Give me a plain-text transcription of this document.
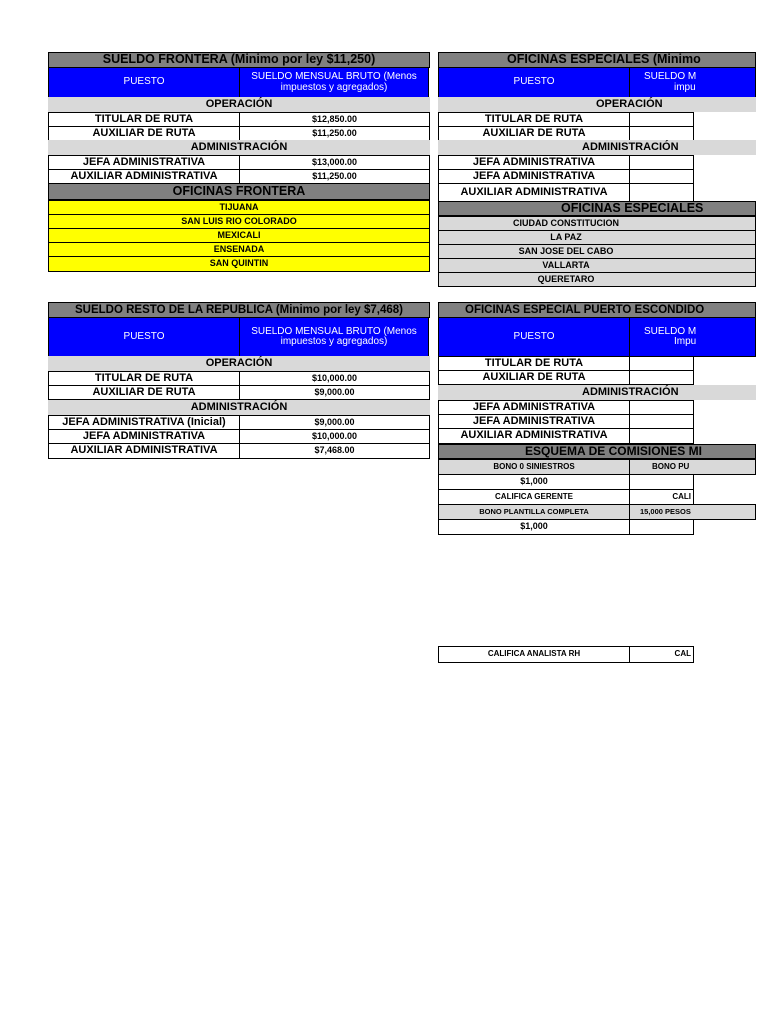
SUELDO FRONTERA (Minimo por ley $11,250)
PUESTO	SUELDO MENSUAL BRUTO (Menos impuestos y agregados)
OPERACIÓN
TITULAR DE RUTA	$12,850.00
AUXILIAR DE RUTA	$11,250.00
ADMINISTRACIÓN
JEFA ADMINISTRATIVA	$13,000.00
AUXILIAR ADMINISTRATIVA	$11,250.00
OFICINAS FRONTERA
TIJUANA
SAN LUIS RIO COLORADO
MEXICALI
ENSENADA
SAN QUINTIN
OFICINAS ESPECIALES (Minimo
PUESTO	SUELDO M
impu
OPERACIÓN
TITULAR DE RUTA
AUXILIAR DE RUTA
ADMINISTRACIÓN
JEFA ADMINISTRATIVA
JEFA ADMINISTRATIVA
AUXILIAR ADMINISTRATIVA
OFICINAS ESPECIALES
CIUDAD CONSTITUCION
LA PAZ
SAN JOSE DEL CABO
VALLARTA
QUERETARO
SUELDO RESTO DE LA REPUBLICA (Minimo por ley $7,468)
PUESTO	SUELDO MENSUAL BRUTO (Menos impuestos y agregados)
OPERACIÓN
TITULAR DE RUTA	$10,000.00
AUXILIAR DE RUTA	$9,000.00
ADMINISTRACIÓN
JEFA ADMINISTRATIVA (Inicial)	$9,000.00
JEFA ADMINISTRATIVA	$10,000.00
AUXILIAR ADMINISTRATIVA	$7,468.00
OFICINAS ESPECIAL PUERTO ESCONDIDO
PUESTO	SUELDO M
Impu
TITULAR DE RUTA
AUXILIAR DE RUTA
ADMINISTRACIÓN
JEFA ADMINISTRATIVA
JEFA ADMINISTRATIVA
AUXILIAR ADMINISTRATIVA
ESQUEMA DE COMISIONES MI
BONO 0 SINIESTROS	BONO PU
$1,000
CALIFICA GERENTE	CALI
BONO PLANTILLA COMPLETA	15,000 PESOS
$1,000
CALIFICA ANALISTA RH	CAL
